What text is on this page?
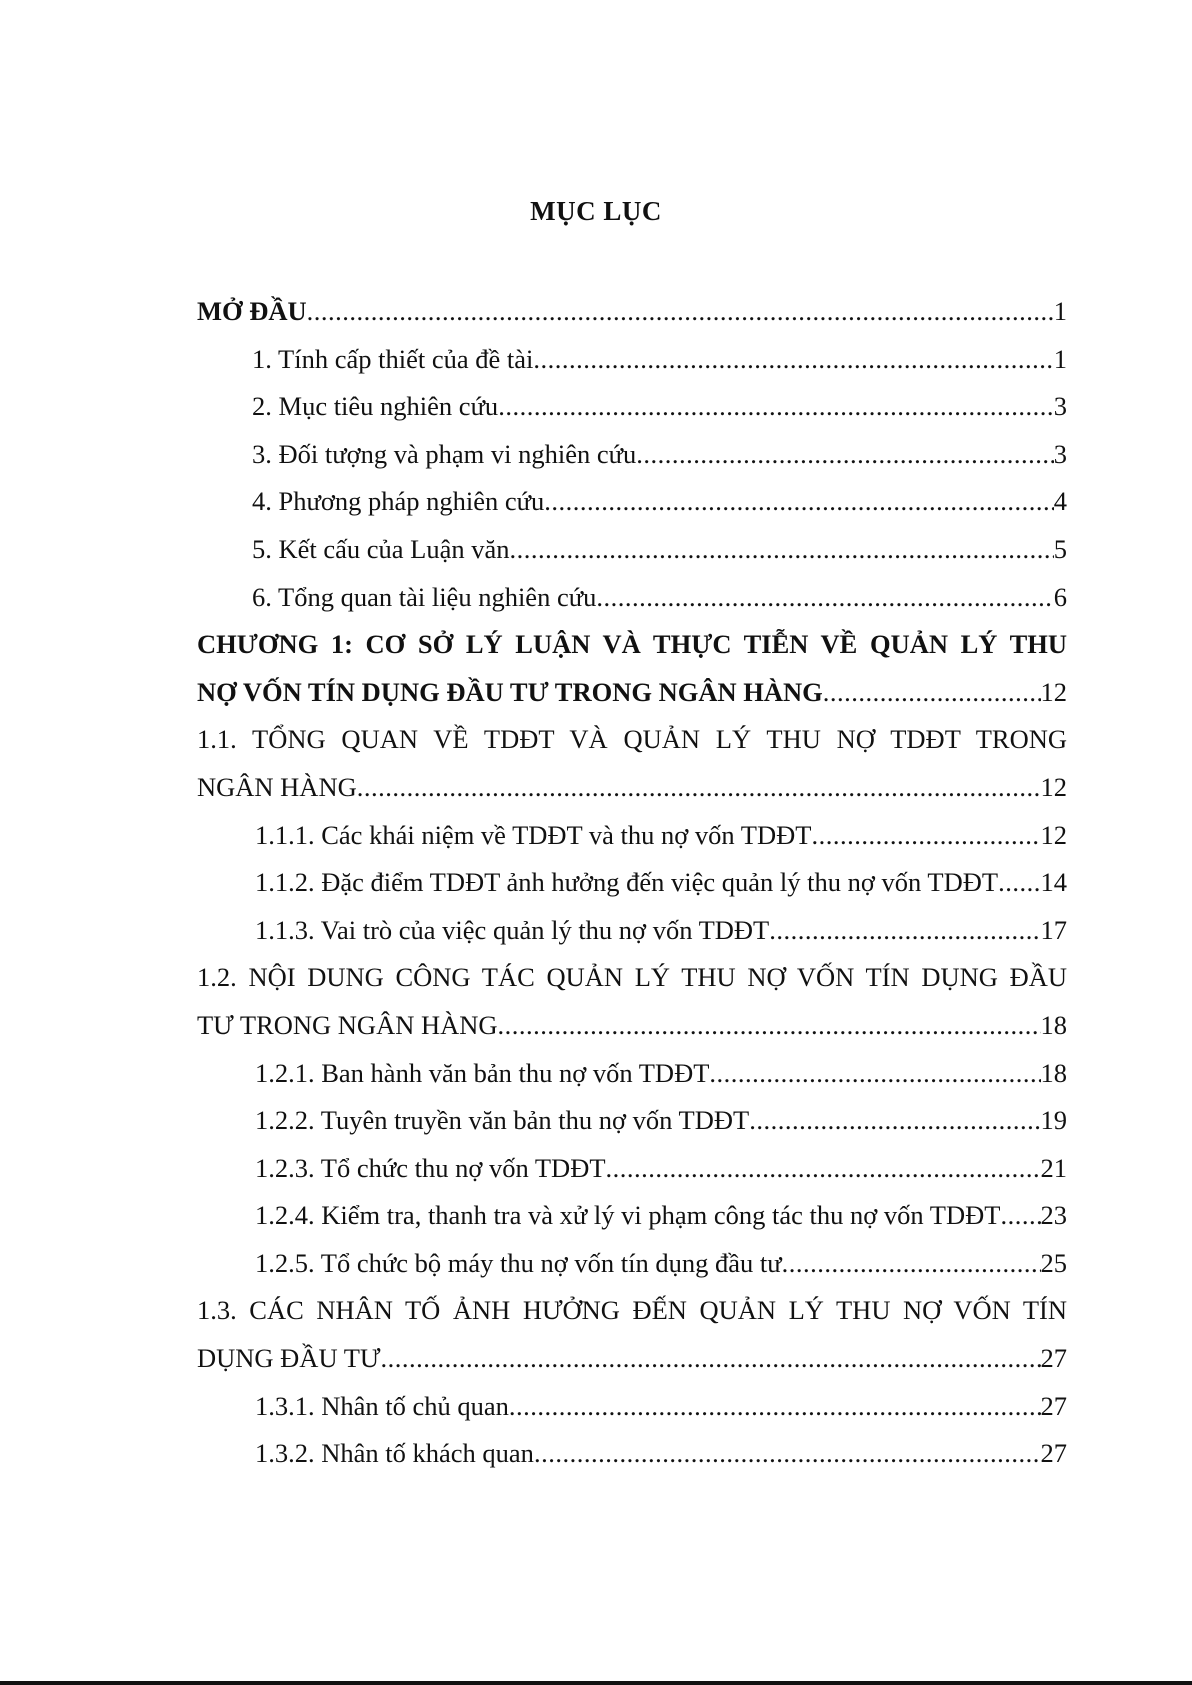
MỤC LỤC
MỞ ĐẦU .....	1
1. Tính cấp thiết của đề tài .....	1
2. Mục tiêu nghiên cứu .....	3
3. Đối tượng và phạm vi nghiên cứu .....	3
4. Phương pháp nghiên cứu .....	4
5. Kết cấu của Luận văn .....	5
6. Tổng quan tài liệu nghiên cứu .....	6
CHƯƠNG 1: CƠ SỞ LÝ LUẬN VÀ THỰC TIỄN VỀ QUẢN LÝ THU
NỢ VỐN TÍN DỤNG ĐẦU TƯ TRONG NGÂN HÀNG .....	12
1.1. TỔNG QUAN VỀ TDĐT VÀ QUẢN LÝ THU NỢ TDĐT TRONG
NGÂN HÀNG .....	12
1.1.1. Các khái niệm về TDĐT và thu nợ vốn TDĐT .....	12
1.1.2. Đặc điểm TDĐT ảnh hưởng đến việc quản lý thu nợ vốn TDĐT ..... 14
1.1.3. Vai trò của việc quản lý thu nợ vốn TDĐT .....	17
1.2. NỘI DUNG CÔNG TÁC QUẢN LÝ THU NỢ VỐN TÍN DỤNG ĐẦU
TƯ TRONG NGÂN HÀNG .....	18
1.2.1. Ban hành văn bản thu nợ vốn TDĐT .....	18
1.2.2. Tuyên truyền văn bản thu nợ vốn TDĐT .....	19
1.2.3. Tổ chức thu nợ vốn TDĐT .....	21
1.2.4. Kiểm tra, thanh tra và xử lý vi phạm công tác thu nợ vốn TDĐT ..... 23
1.2.5. Tổ chức bộ máy thu nợ vốn tín dụng đầu tư .....	25
1.3. CÁC NHÂN TỐ ẢNH HƯỞNG ĐẾN QUẢN LÝ THU NỢ VỐN TÍN
DỤNG ĐẦU TƯ .....	27
1.3.1. Nhân tố chủ quan .....	27
1.3.2. Nhân tố khách quan .....	27
